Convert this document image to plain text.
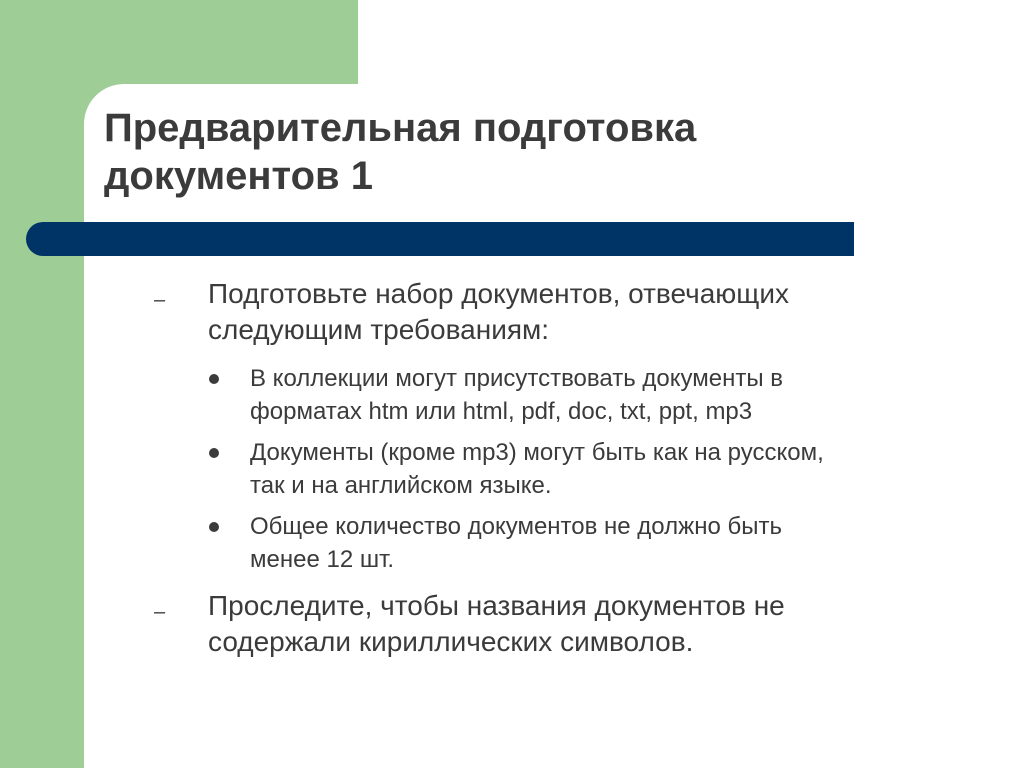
Предварительная подготовка
документов 1
– Подготовьте набор документов, отвечающих
следующим требованиям:
В коллекции могут присутствовать документы в
форматах htm или html, pdf, doc, txt, ppt, mp3
Документы (кроме mp3) могут быть как на русском,
так и на английском языке.
Общее количество документов не должно быть
менее 12 шт.
– Проследите, чтобы названия документов не
содержали кириллических символов.
